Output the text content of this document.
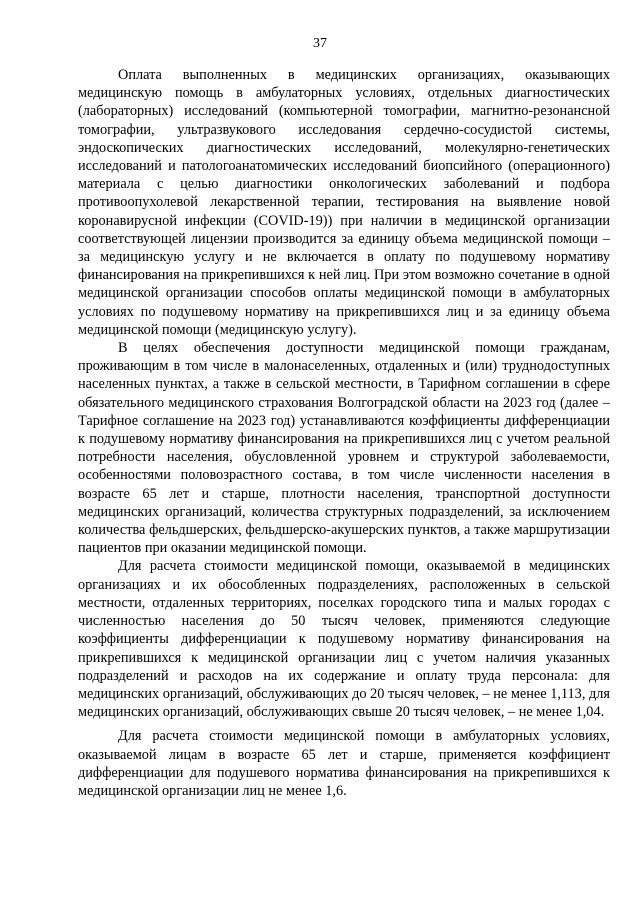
37

Оплата выполненных в медицинских организациях, оказывающих медицинскую помощь в амбулаторных условиях, отдельных диагностических (лабораторных) исследований (компьютерной томографии, магнитно-резонансной томографии, ультразвукового исследования сердечно-сосудистой системы, эндоскопических диагностических исследований, молекулярно-генетических исследований и патологоанатомических исследований биопсийного (операционного) материала с целью диагностики онкологических заболеваний и подбора противоопухолевой лекарственной терапии, тестирования на выявление новой коронавирусной инфекции (COVID-19)) при наличии в медицинской организации соответствующей лицензии производится за единицу объема медицинской помощи – за медицинскую услугу и не включается в оплату по подушевому нормативу финансирования на прикрепившихся к ней лиц. При этом возможно сочетание в одной медицинской организации способов оплаты медицинской помощи в амбулаторных условиях по подушевому нормативу на прикрепившихся лиц и за единицу объема медицинской помощи (медицинскую услугу).

В целях обеспечения доступности медицинской помощи гражданам, проживающим в том числе в малонаселенных, отдаленных и (или) труднодоступных населенных пунктах, а также в сельской местности, в Тарифном соглашении в сфере обязательного медицинского страхования Волгоградской области на 2023 год (далее – Тарифное соглашение на 2023 год) устанавливаются коэффициенты дифференциации к подушевому нормативу финансирования на прикрепившихся лиц с учетом реальной потребности населения, обусловленной уровнем и структурой заболеваемости, особенностями половозрастного состава, в том числе численности населения в возрасте 65 лет и старше, плотности населения, транспортной доступности медицинских организаций, количества структурных подразделений, за исключением количества фельдшерских, фельдшерско-акушерских пунктов, а также маршрутизации пациентов при оказании медицинской помощи.

Для расчета стоимости медицинской помощи, оказываемой в медицинских организациях и их обособленных подразделениях, расположенных в сельской местности, отдаленных территориях, поселках городского типа и малых городах с численностью населения до 50 тысяч человек, применяются следующие коэффициенты дифференциации к подушевому нормативу финансирования на прикрепившихся к медицинской организации лиц с учетом наличия указанных подразделений и расходов на их содержание и оплату труда персонала: для медицинских организаций, обслуживающих до 20 тысяч человек, – не менее 1,113, для медицинских организаций, обслуживающих свыше 20 тысяч человек, – не менее 1,04.

Для расчета стоимости медицинской помощи в амбулаторных условиях, оказываемой лицам в возрасте 65 лет и старше, применяется коэффициент дифференциации для подушевого норматива финансирования на прикрепившихся к медицинской организации лиц не менее 1,6.
